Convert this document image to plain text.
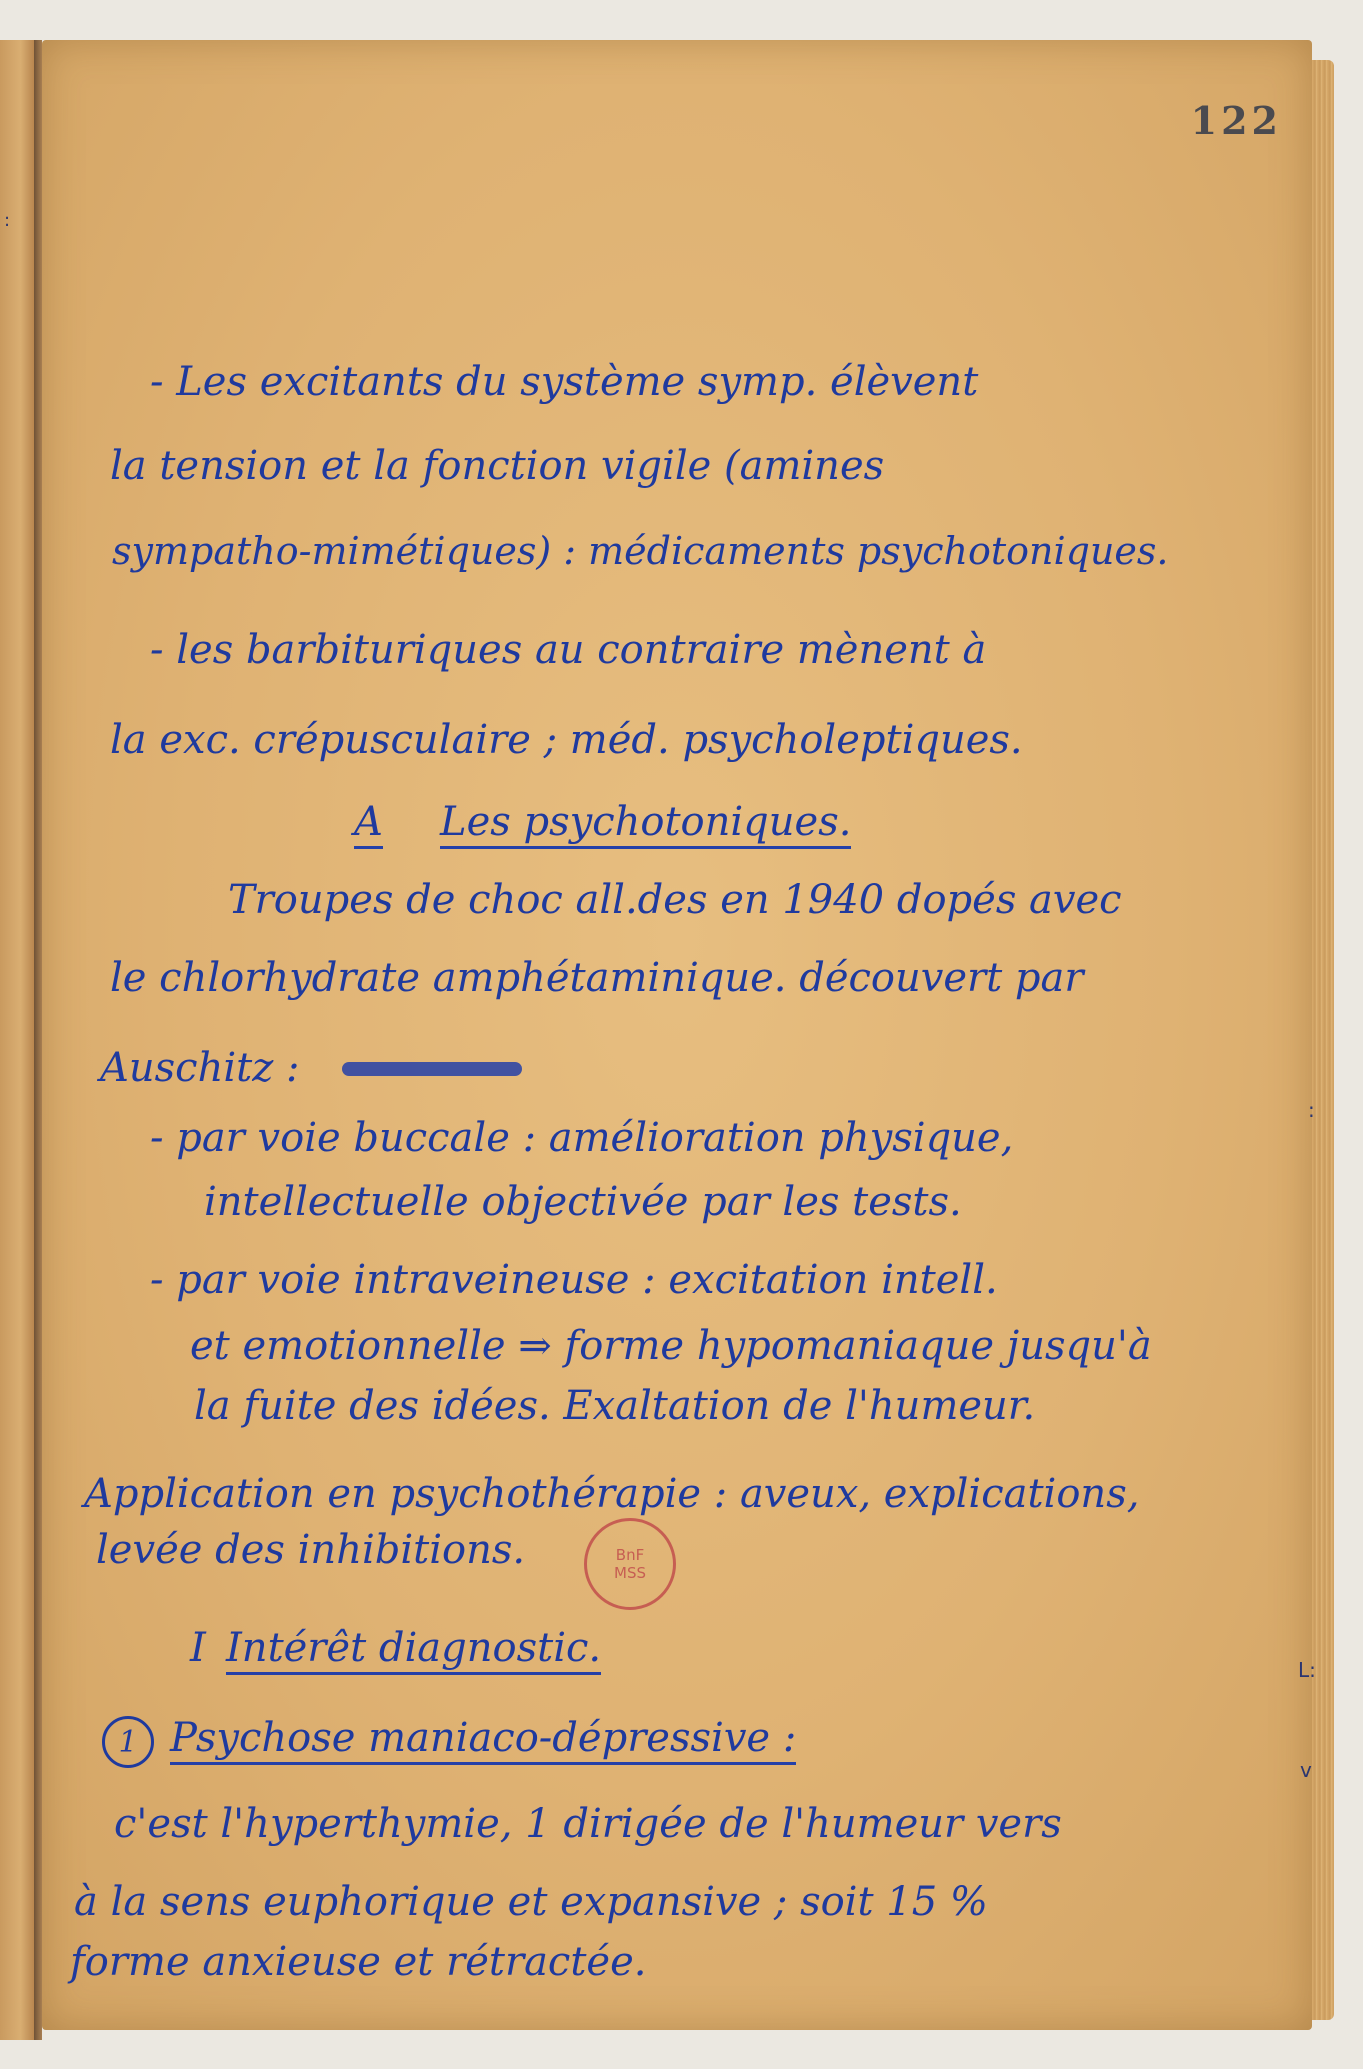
:
:
L:
v
122
- Les excitants du système symp. élèvent
la tension et la fonction vigile (amines
sympatho-mimétiques) : médicaments psychotoniques.
- les barbituriques au contraire mènent à
la exc. crépusculaire ; méd. psycholeptiques.
A Les psychotoniques.
Troupes de choc all.des en 1940 dopés avec
le chlorhydrate amphétaminique. découvert par
Auschitz :
- par voie buccale : amélioration physique,
intellectuelle objectivée par les tests.
- par voie intraveineuse : excitation intell.
et emotionnelle ⇒ forme hypomaniaque jusqu'à
la fuite des idées. Exaltation de l'humeur.
Application en psychothérapie : aveux, explications,
levée des inhibitions.	BnF
MSS
I Intérêt diagnostic.
1 Psychose maniaco-dépressive :
c'est l'hyperthymie, 1 dirigée de l'humeur vers
à la sens euphorique et expansive ; soit 15 %
forme anxieuse et rétractée.
